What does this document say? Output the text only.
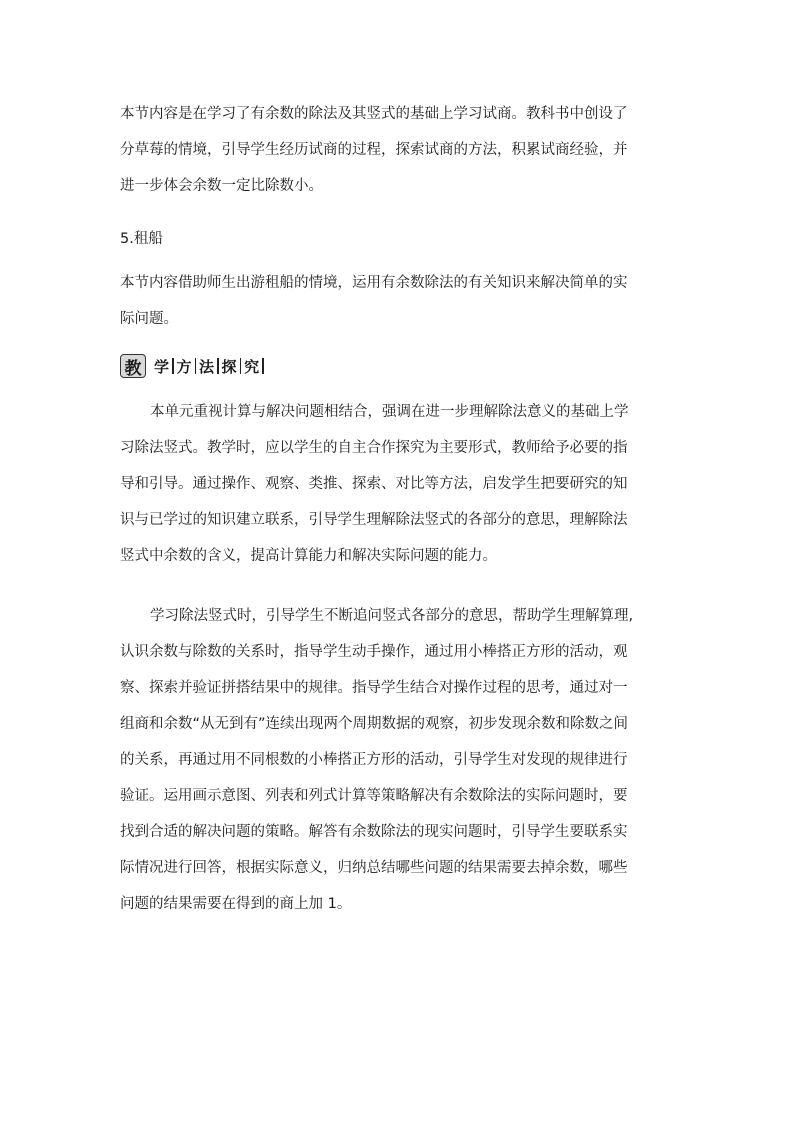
本节内容是在学习了有余数的除法及其竖式的基础上学习试商。教科书中创设了
分草莓的情境，引导学生经历试商的过程，探索试商的方法，积累试商经验，并
进一步体会余数一定比除数小。

5.租船

本节内容借助师生出游租船的情境，运用有余数除法的有关知识来解决简单的实
际问题。
教 学 方 法 探 究
本单元重视计算与解决问题相结合，强调在进一步理解除法意义的基础上学
习除法竖式。教学时，应以学生的自主合作探究为主要形式，教师给予必要的指
导和引导。通过操作、观察、类推、探索、对比等方法，启发学生把要研究的知
识与已学过的知识建立联系，引导学生理解除法竖式的各部分的意思，理解除法
竖式中余数的含义，提高计算能力和解决实际问题的能力。
学习除法竖式时，引导学生不断追问竖式各部分的意思，帮助学生理解算理,
认识余数与除数的关系时，指导学生动手操作，通过用小棒搭正方形的活动，观
察、探索并验证拼搭结果中的规律。指导学生结合对操作过程的思考，通过对一
组商和余数“从无到有”连续出现两个周期数据的观察，初步发现余数和除数之间
的关系，再通过用不同根数的小棒搭正方形的活动，引导学生对发现的规律进行
验证。运用画示意图、列表和列式计算等策略解决有余数除法的实际问题时，要
找到合适的解决问题的策略。解答有余数除法的现实问题时，引导学生要联系实
际情况进行回答，根据实际意义，归纳总结哪些问题的结果需要去掉余数，哪些
问题的结果需要在得到的商上加 1。
